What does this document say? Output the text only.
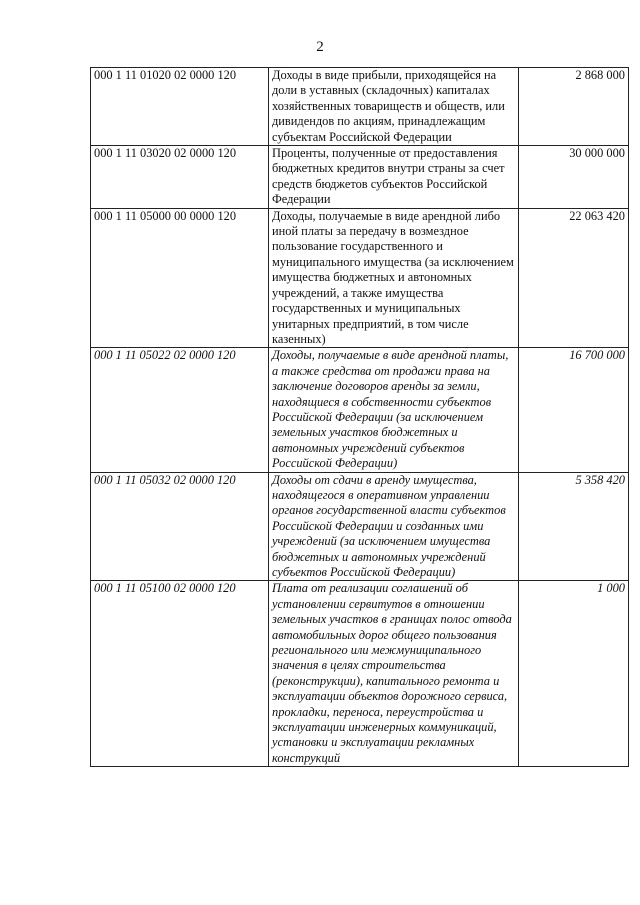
2
000 1 11 01020 02 0000 120	Доходы в виде прибыли, приходящейся на доли в уставных (складочных) капиталах хозяйственных товариществ и обществ, или дивидендов по акциям, принадлежащим субъектам Российской Федерации	2 868 000
000 1 11 03020 02 0000 120	Проценты, полученные от предоставления бюджетных кредитов внутри страны за счет средств бюджетов субъектов Российской Федерации	30 000 000
000 1 11 05000 00 0000 120	Доходы, получаемые в виде арендной либо иной платы за передачу в возмездное пользование государственного и муниципального имущества (за исключением имущества бюджетных и автономных учреждений, а также имущества государственных и муниципальных унитарных предприятий, в том числе казенных)	22 063 420
000 1 11 05022 02 0000 120	Доходы, получаемые в виде арендной платы, а также средства от продажи права на заключение договоров аренды за земли, находящиеся в собственности субъектов Российской Федерации (за исключением земельных участков бюджетных и автономных учреждений субъектов Российской Федерации)	16 700 000
000 1 11 05032 02 0000 120	Доходы от сдачи в аренду имущества, находящегося в оперативном управлении органов государственной власти субъектов Российской Федерации и созданных ими учреждений (за исключением имущества бюджетных и автономных учреждений субъектов Российской Федерации)	5 358 420
000 1 11 05100 02 0000 120	Плата от реализации соглашений об установлении сервитутов в отношении земельных участков в границах полос отвода автомобильных дорог общего пользования регионального или межмуниципального значения в целях строительства (реконструкции), капитального ремонта и эксплуатации объектов дорожного сервиса, прокладки, переноса, переустройства и эксплуатации инженерных коммуникаций, установки и эксплуатации рекламных конструкций	1 000
